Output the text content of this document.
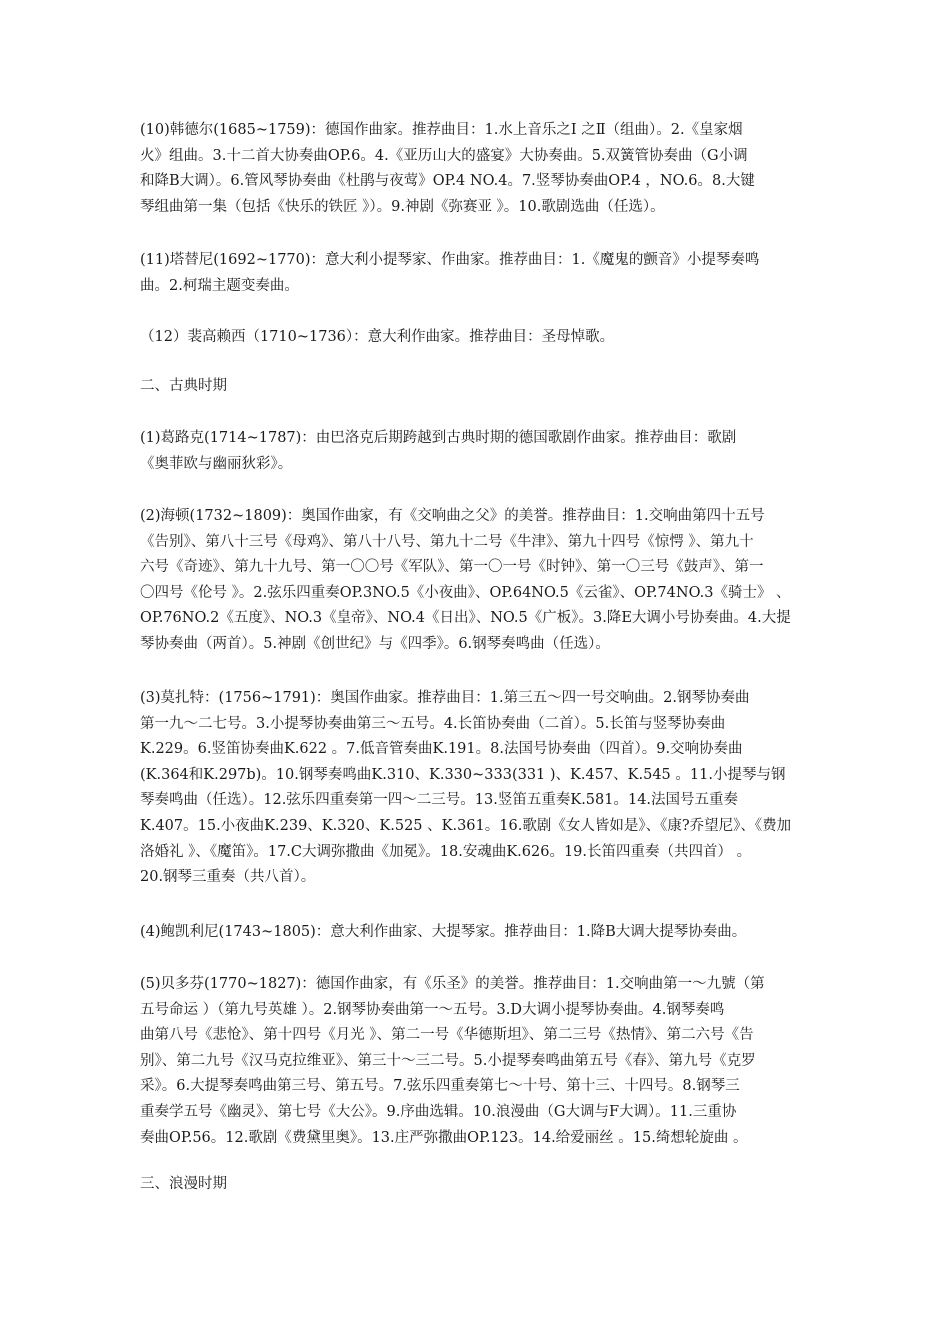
(10)韩德尔(1685~1759)：德国作曲家。推荐曲目：1.水上音乐之Ⅰ 之Ⅱ（组曲）。2.《皇家烟
火》组曲。3.十二首大协奏曲OP.6。4.《亚历山大的盛宴》大协奏曲。5.双簧管协奏曲（G小调
和降B大调）。6.管风琴协奏曲《杜鹃与夜莺》OP.4 NO.4。7.竖琴协奏曲OP.4 ，NO.6。8.大键
琴组曲第一集（包括《快乐的铁匠 》）。9.神剧《弥赛亚 》。10.歌剧选曲（任选）。
(11)塔替尼(1692~1770)：意大利小提琴家、作曲家。推荐曲目：1.《魔鬼的颤音》小提琴奏鸣
曲。2.柯瑞主题变奏曲。
（12）裴高赖西（1710~1736）：意大利作曲家。推荐曲目：圣母悼歌。
二、古典时期
(1)葛路克(1714~1787)：由巴洛克后期跨越到古典时期的德国歌剧作曲家。推荐曲目：歌剧
《奥菲欧与幽丽狄彩》。
(2)海顿(1732~1809)：奥国作曲家，有《交响曲之父》的美誉。推荐曲目：1.交响曲第四十五号
《告别》、第八十三号《母鸡》、第八十八号、第九十二号《牛津》、第九十四号《惊愕 》、第九十
六号《奇迹》、第九十九号、第一〇〇号《军队》、第一〇一号《时钟》、第一〇三号《鼓声》、第一
〇四号《伦号 》。2.弦乐四重奏OP.3NO.5《小夜曲》、OP.64NO.5《云雀》、OP.74NO.3《骑士》 、
OP.76NO.2《五度》、NO.3《皇帝》、NO.4《日出》、NO.5《广板》。3.降E大调小号协奏曲。4.大提
琴协奏曲（两首）。5.神剧《创世纪》与《四季》。6.钢琴奏鸣曲（任选）。
(3)莫扎特：(1756~1791)：奥国作曲家。推荐曲目：1.第三五～四一号交响曲。2.钢琴协奏曲
第一九～二七号。3.小提琴协奏曲第三～五号。4.长笛协奏曲（二首）。5.长笛与竖琴协奏曲
K.229。6.竖笛协奏曲K.622 。7.低音管奏曲K.191。8.法国号协奏曲（四首）。9.交响协奏曲
(K.364和K.297b)。10.钢琴奏鸣曲K.310、K.330~333(331 )、K.457、K.545 。11.小提琴与钢
琴奏鸣曲（任选）。12.弦乐四重奏第一四～二三号。13.竖笛五重奏K.581。14.法国号五重奏
K.407。15.小夜曲K.239、K.320、K.525 、K.361。16.歌剧《女人皆如是》、《康?乔望尼》、《费加
洛婚礼 》、《魔笛》。17.C大调弥撒曲《加冕》。18.安魂曲K.626。19.长笛四重奏（共四首） 。
20.钢琴三重奏（共八首）。
(4)鲍凯利尼(1743~1805)：意大利作曲家、大提琴家。推荐曲目：1.降B大调大提琴协奏曲。
(5)贝多芬(1770~1827)：德国作曲家，有《乐圣》的美誉。推荐曲目：1.交响曲第一～九號（第
五号命运 ）（第九号英雄 ）。2.钢琴协奏曲第一～五号。3.D大调小提琴协奏曲。4.钢琴奏鸣
曲第八号《悲怆》、第十四号《月光 》、第二一号《华德斯坦》、第二三号《热情》、第二六号《告
别》、第二九号《汉马克拉维亚》、第三十～三二号。5.小提琴奏鸣曲第五号《春》、第九号《克罗
采》。6.大提琴奏鸣曲第三号、第五号。7.弦乐四重奏第七～十号、第十三、十四号。8.钢琴三
重奏学五号《幽灵》、第七号《大公》。9.序曲选辑。10.浪漫曲（G大调与F大调）。11.三重协
奏曲OP.56。12.歌剧《费黛里奥》。13.庄严弥撒曲OP.123。14.给爱丽丝 。15.绮想轮旋曲 。
三、浪漫时期
